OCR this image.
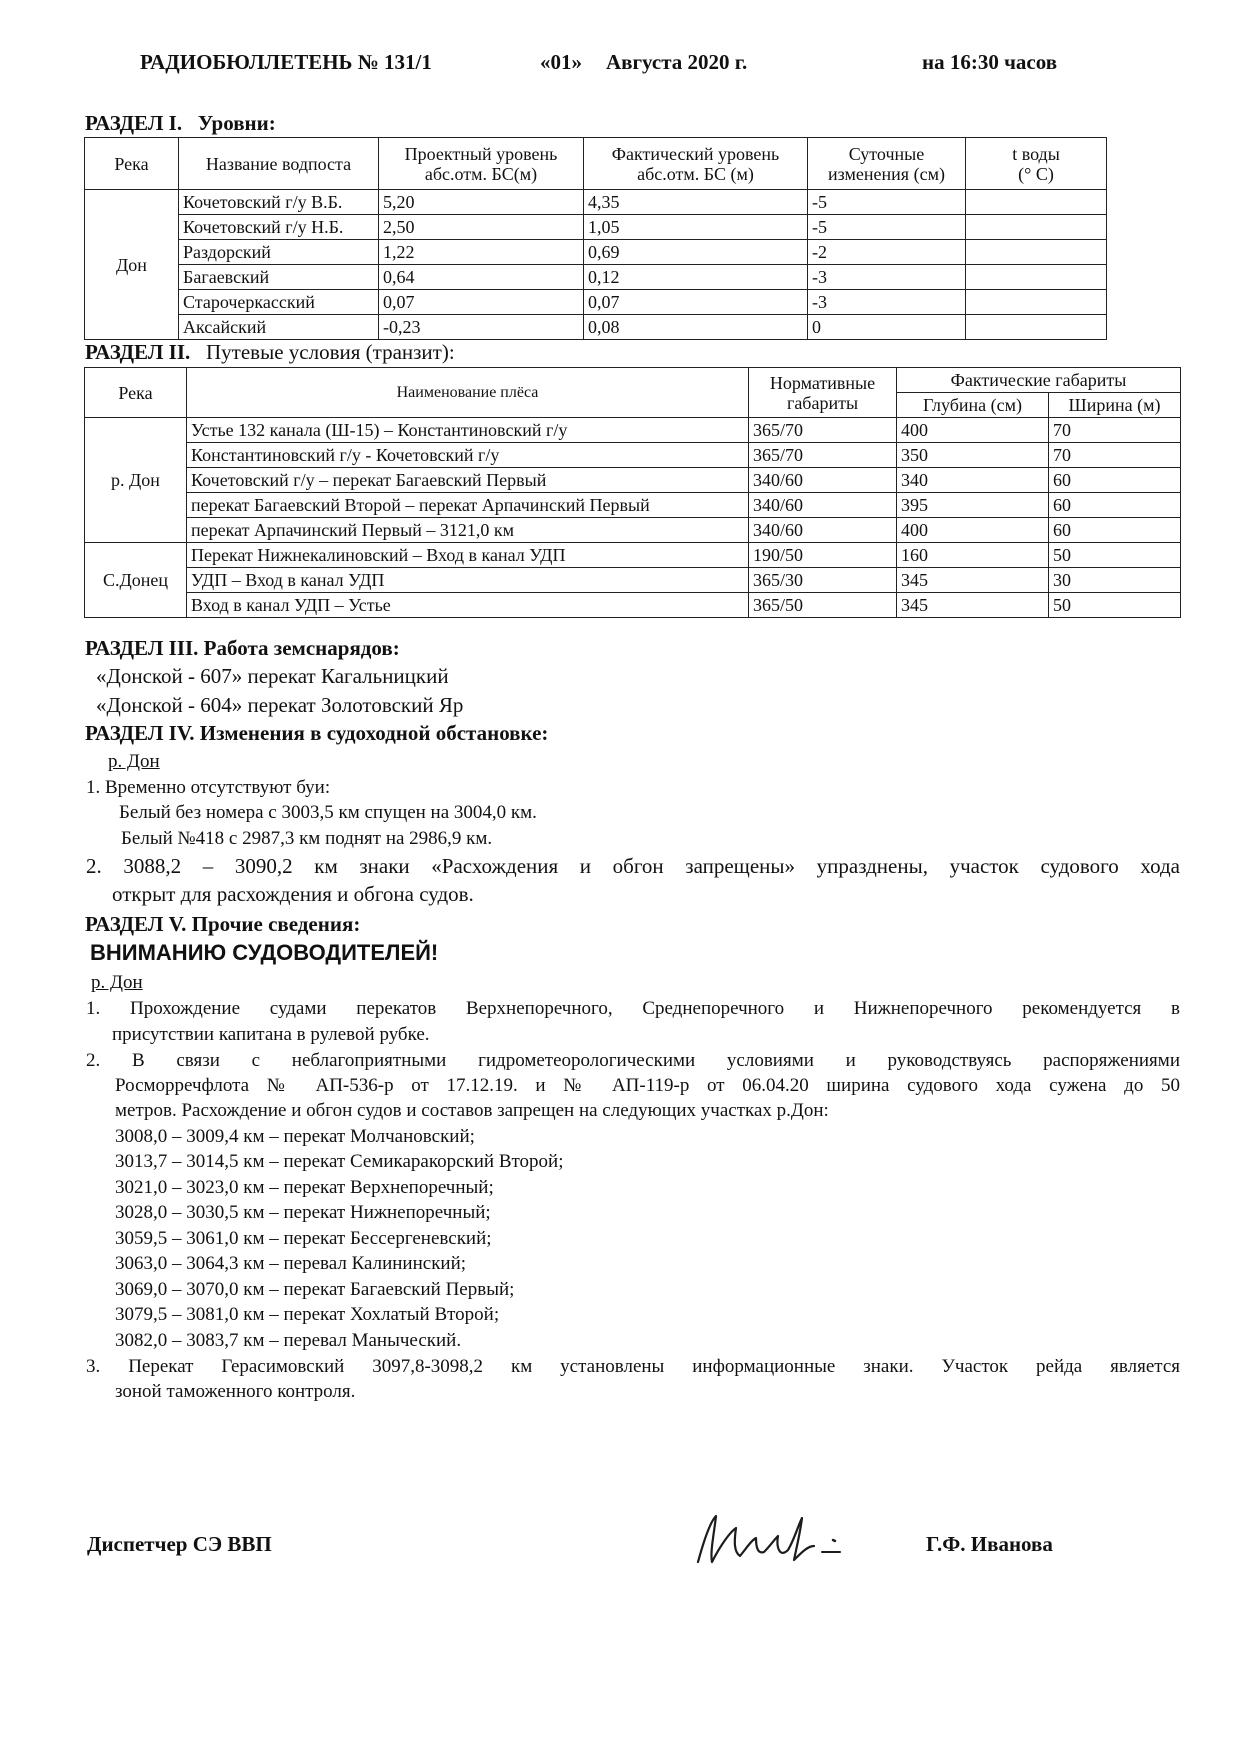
РАДИОБЮЛЛЕТЕНЬ № 131/1	«01» Августа 2020 г.	на 16:30 часов
РАЗДЕЛ I. Уровни:
Река	Название водпоста	Проектный уровень абс.отм. БС(м)	Фактический уровень абс.отм. БС (м)	Суточные изменения (см)	t воды
(° С)
Дон	Кочетовский г/у В.Б.	5,20	4,35	-5	
	Кочетовский г/у Н.Б.	2,50	1,05	-5	
	Раздорский	1,22	0,69	-2	
	Багаевский	0,64	0,12	-3	
	Старочеркасский	0,07	0,07	-3	
	Аксайский	-0,23	0,08	0	
РАЗДЕЛ II. Путевые условия (транзит):
Река	Наименование плёса	Нормативные габариты	Фактические габариты	
			Глубина (см)	Ширина (м)
р. Дон	Устье 132 канала (Ш-15) – Константиновский г/у	365/70	400	70
	Константиновский г/у - Кочетовский г/у	365/70	350	70
	Кочетовский г/у – перекат Багаевский Первый	340/60	340	60
	перекат Багаевский Второй – перекат Арпачинский Первый	340/60	395	60
	перекат Арпачинский Первый – 3121,0 км	340/60	400	60
С.Донец	Перекат Нижнекалиновский – Вход в канал УДП	190/50	160	50
	УДП – Вход в канал УДП	365/30	345	30
	Вход в канал УДП – Устье	365/50	345	50
РАЗДЕЛ III. Работа земснарядов:
«Донской - 607» перекат Кагальницкий
«Донской - 604» перекат Золотовский Яр
РАЗДЕЛ IV. Изменения в судоходной обстановке:
р. Дон
1. Временно отсутствуют буи:
Белый без номера с 3003,5 км спущен на 3004,0 км.
Белый №418 с 2987,3 км поднят на 2986,9 км.
2. 3088,2 – 3090,2 км знаки «Расхождения и обгон запрещены» упразднены, участок судового хода
открыт для расхождения и обгона судов.
РАЗДЕЛ V. Прочие сведения:
ВНИМАНИЮ СУДОВОДИТЕЛЕЙ!
р. Дон
1. Прохождение судами перекатов Верхнепоречного, Среднепоречного и Нижнепоречного рекомендуется в
присутствии капитана в рулевой рубке.
2. В связи с неблагоприятными гидрометеорологическими условиями и руководствуясь распоряжениями
Росморречфлота № АП-536-р от 17.12.19. и № АП-119-р от 06.04.20 ширина судового хода сужена до 50
метров. Расхождение и обгон судов и составов запрещен на следующих участках р.Дон:
3008,0 – 3009,4 км – перекат Молчановский;
3013,7 – 3014,5 км – перекат Семикаракорский Второй;
3021,0 – 3023,0 км – перекат Верхнепоречный;
3028,0 – 3030,5 км – перекат Нижнепоречный;
3059,5 – 3061,0 км – перекат Бессергеневский;
3063,0 – 3064,3 км – перевал Калининский;
3069,0 – 3070,0 км – перекат Багаевский Первый;
3079,5 – 3081,0 км – перекат Хохлатый Второй;
3082,0 – 3083,7 км – перевал Маныческий.
3. Перекат Герасимовский 3097,8-3098,2 км установлены информационные знаки. Участок рейда является
зоной таможенного контроля.
Диспетчер СЭ ВВП	Г.Ф. Иванова
